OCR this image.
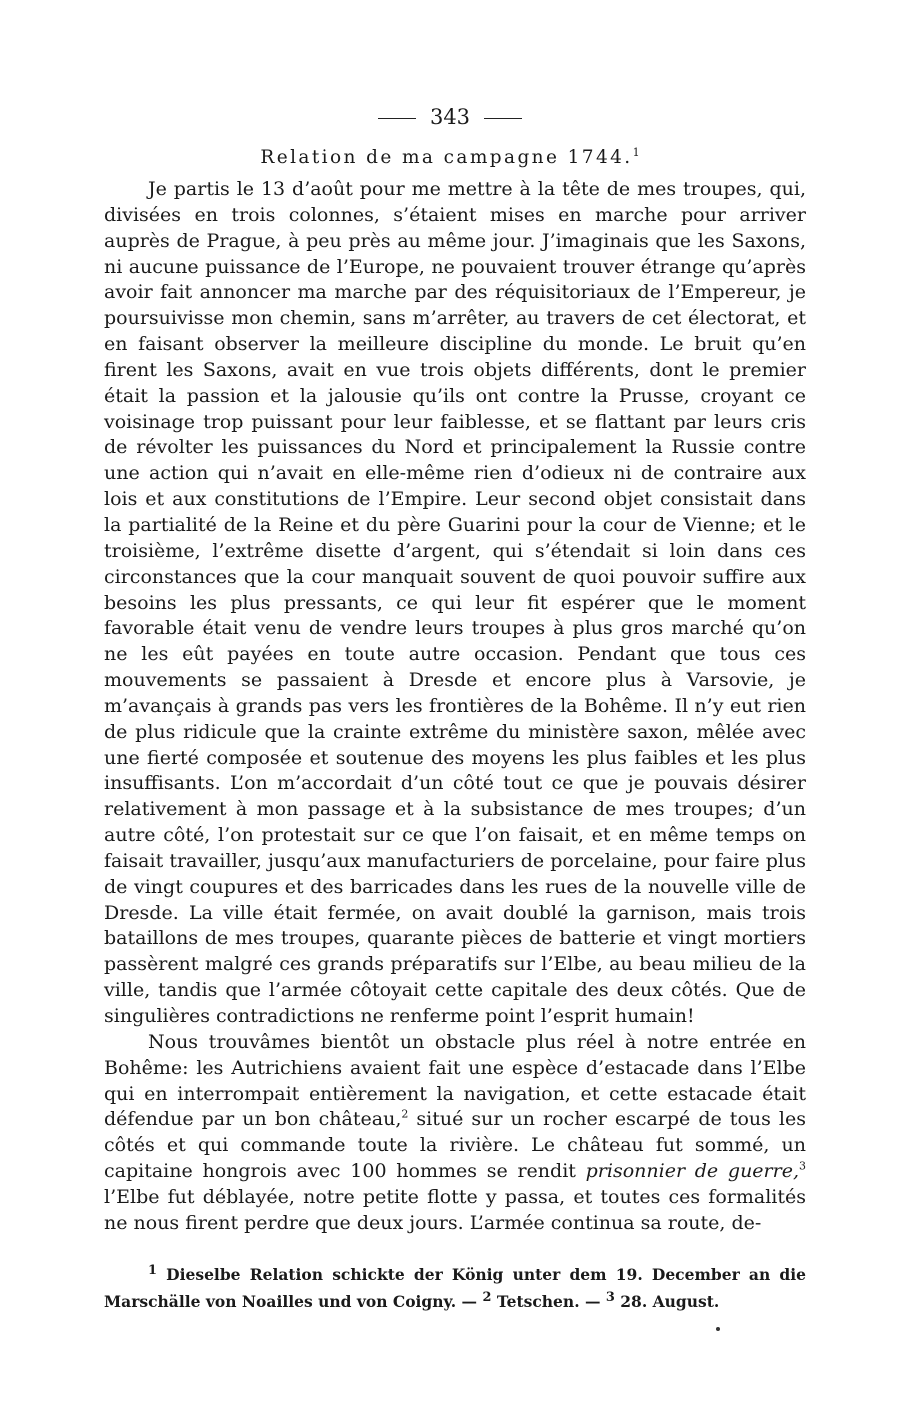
343
Relation de ma campagne 1744.$^1$

Je partis le 13 d’août pour me mettre à la tête de mes troupes, qui, divisées en trois colonnes, s’étaient mises en marche pour arriver auprès de Prague, à peu près au même jour. J’imaginais que les Saxons, ni aucune puissance de l’Europe, ne pouvaient trouver étrange qu’après avoir fait annoncer ma marche par des réquisitoriaux de l’Empereur, je poursuivisse mon chemin, sans m’arrêter, au travers de cet électorat, et en faisant observer la meilleure discipline du monde. Le bruit qu’en firent les Saxons, avait en vue trois objets différents, dont le premier était la passion et la jalousie qu’ils ont contre la Prusse, croyant ce voisinage trop puissant pour leur faiblesse, et se flattant par leurs cris de révolter les puissances du Nord et principalement la Russie contre une action qui n’avait en elle-même rien d’odieux ni de contraire aux lois et aux constitutions de l’Empire. Leur second objet consistait dans la partialité de la Reine et du père Guarini pour la cour de Vienne; et le troisième, l’extrême disette d’argent, qui s’étendait si loin dans ces circonstances que la cour manquait souvent de quoi pouvoir suffire aux besoins les plus pressants, ce qui leur fit espérer que le moment favorable était venu de vendre leurs troupes à plus gros marché qu’on ne les eût payées en toute autre occasion. Pendant que tous ces mouvements se passaient à Dresde et encore plus à Varsovie, je m’avançais à grands pas vers les frontières de la Bohême. Il n’y eut rien de plus ridicule que la crainte extrême du ministère saxon, mêlée avec une fierté composée et soutenue des moyens les plus faibles et les plus insuffisants. L’on m’accordait d’un côté tout ce que je pouvais désirer relativement à mon passage et à la subsistance de mes troupes; d’un autre côté, l’on protestait sur ce que l’on faisait, et en même temps on faisait travailler, jusqu’aux manufacturiers de porcelaine, pour faire plus de vingt coupures et des barricades dans les rues de la nouvelle ville de Dresde. La ville était fermée, on avait doublé la garnison, mais trois bataillons de mes troupes, quarante pièces de batterie et vingt mortiers passèrent malgré ces grands préparatifs sur l’Elbe, au beau milieu de la ville, tandis que l’armée côtoyait cette capitale des deux côtés. Que de singulières contradictions ne renferme point l’esprit humain!

Nous trouvâmes bientôt un obstacle plus réel à notre entrée en Bohême: les Autrichiens avaient fait une espèce d’estacade dans l’Elbe qui en interrompait entièrement la navigation, et cette estacade était défendue par un bon château,$^2$ situé sur un rocher escarpé de tous les côtés et qui commande toute la rivière. Le château fut sommé, un capitaine hongrois avec 100 hommes se rendit prisonnier de guerre,$^3$ l’Elbe fut déblayée, notre petite flotte y passa, et toutes ces formalités ne nous firent perdre que deux jours. L’armée continua sa route, de-

$^1$ Dieselbe Relation schickte der König unter dem 19. December an die Marschälle von Noailles und von Coigny. — $^2$ Tetschen. — $^3$ 28. August.
